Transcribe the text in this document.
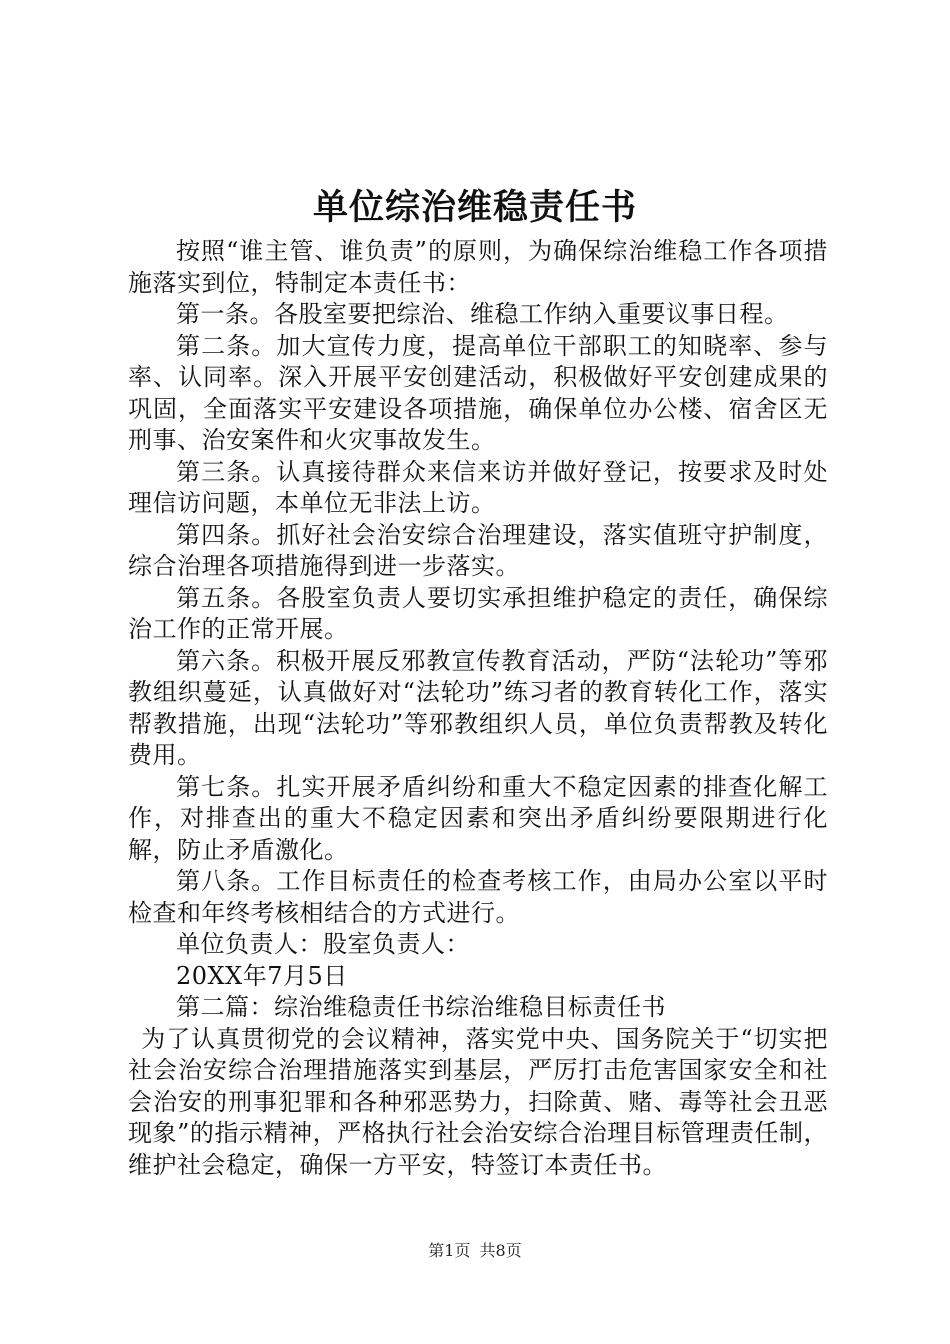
单位综治维稳责任书

按照“谁主管、谁负责”的原则，为确保综治维稳工作各项措施落实到位，特制定本责任书：

第一条。各股室要把综治、维稳工作纳入重要议事日程。

第二条。加大宣传力度，提高单位干部职工的知晓率、参与率、认同率。深入开展平安创建活动，积极做好平安创建成果的巩固，全面落实平安建设各项措施，确保单位办公楼、宿舍区无刑事、治安案件和火灾事故发生。

第三条。认真接待群众来信来访并做好登记，按要求及时处理信访问题，本单位无非法上访。

第四条。抓好社会治安综合治理建设，落实值班守护制度，综合治理各项措施得到进一步落实。

第五条。各股室负责人要切实承担维护稳定的责任，确保综治工作的正常开展。

第六条。积极开展反邪教宣传教育活动，严防“法轮功”等邪教组织蔓延，认真做好对“法轮功”练习者的教育转化工作，落实帮教措施，出现“法轮功”等邪教组织人员，单位负责帮教及转化费用。

第七条。扎实开展矛盾纠纷和重大不稳定因素的排查化解工作，对排查出的重大不稳定因素和突出矛盾纠纷要限期进行化解，防止矛盾激化。

第八条。工作目标责任的检查考核工作，由局办公室以平时检查和年终考核相结合的方式进行。

单位负责人：股室负责人：

20XX年7月5日

第二篇：综治维稳责任书综治维稳目标责任书

为了认真贯彻党的会议精神，落实党中央、国务院关于“切实把社会治安综合治理措施落实到基层，严厉打击危害国家安全和社会治安的刑事犯罪和各种邪恶势力，扫除黄、赌、毒等社会丑恶现象”的指示精神，严格执行社会治安综合治理目标管理责任制，维护社会稳定，确保一方平安，特签订本责任书。

第1页 共8页
